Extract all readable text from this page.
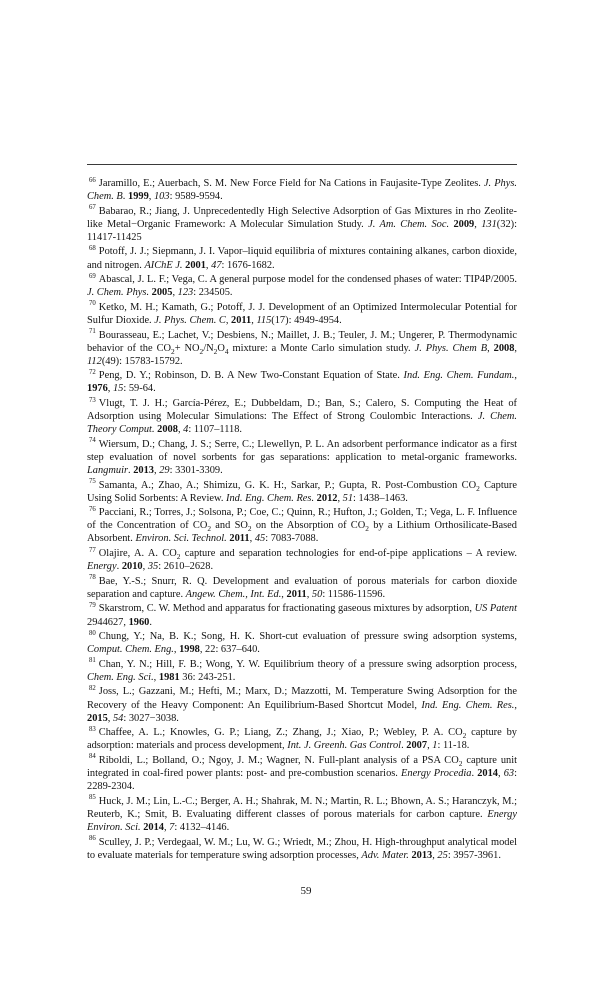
$^{66}$ Jaramillo, E.; Auerbach, S. M. New Force Field for Na Cations in Faujasite-Type Zeolites. J. Phys. Chem. B. 1999, 103: 9589-9594.

$^{67}$ Babarao, R.; Jiang, J. Unprecedentedly High Selective Adsorption of Gas Mixtures in rho Zeolite-like Metal−Organic Framework: A Molecular Simulation Study. J. Am. Chem. Soc. 2009, 131(32): 11417-11425

$^{68}$ Potoff, J. J.; Siepmann, J. I. Vapor–liquid equilibria of mixtures containing alkanes, carbon dioxide, and nitrogen. AIChE J. 2001, 47: 1676-1682.

$^{69}$ Abascal, J. L. F.; Vega, C. A general purpose model for the condensed phases of water: TIP4P/2005. J. Chem. Phys. 2005, 123: 234505.

$^{70}$ Ketko, M. H.; Kamath, G.; Potoff, J. J. Development of an Optimized Intermolecular Potential for Sulfur Dioxide. J. Phys. Chem. C, 2011, 115(17): 4949-4954.

$^{71}$ Bourasseau, E.; Lachet, V.; Desbiens, N.; Maillet, J. B.; Teuler, J. M.; Ungerer, P. Thermodynamic behavior of the $CO_2+ NO_2/N_2O_4$ mixture: a Monte Carlo simulation study. J. Phys. Chem B, 2008, 112(49): 15783-15792.

$^{72}$ Peng, D. Y.; Robinson, D. B. A New Two-Constant Equation of State. Ind. Eng. Chem. Fundam., 1976, 15: 59-64.

$^{73}$ Vlugt, T. J. H.; García-Pérez, E.; Dubbeldam, D.; Ban, S.; Calero, S. Computing the Heat of Adsorption using Molecular Simulations: The Effect of Strong Coulombic Interactions. J. Chem. Theory Comput. 2008, 4: 1107–1118.

$^{74}$ Wiersum, D.; Chang, J. S.; Serre, C.; Llewellyn, P. L. An adsorbent performance indicator as a first step evaluation of novel sorbents for gas separations: application to metal-organic frameworks. Langmuir. 2013, 29: 3301-3309.

$^{75}$ Samanta, A.; Zhao, A.; Shimizu, G. K. H:, Sarkar, P.; Gupta, R. Post-Combustion $CO_2$ Capture Using Solid Sorbents: A Review. Ind. Eng. Chem. Res. 2012, 51: 1438–1463.

$^{76}$ Pacciani, R.; Torres, J.; Solsona, P.; Coe, C.; Quinn, R.; Hufton, J.; Golden, T.; Vega, L. F. Influence of the Concentration of $CO_2$ and $SO_2$ on the Absorption of $CO_2$ by a Lithium Orthosilicate-Based Absorbent. Environ. Sci. Technol. 2011, 45: 7083-7088.

$^{77}$ Olajire, A. A. $CO_2$ capture and separation technologies for end-of-pipe applications – A review. Energy. 2010, 35: 2610–2628.

$^{78}$ Bae, Y.-S.; Snurr, R. Q. Development and evaluation of porous materials for carbon dioxide separation and capture. Angew. Chem., Int. Ed., 2011, 50: 11586-11596.

$^{79}$ Skarstrom, C. W. Method and apparatus for fractionating gaseous mixtures by adsorption, US Patent 2944627, 1960.

$^{80}$ Chung, Y.; Na, B. K.; Song, H. K. Short-cut evaluation of pressure swing adsorption systems, Comput. Chem. Eng., 1998, 22: 637–640.

$^{81}$ Chan, Y. N.; Hill, F. B.; Wong, Y. W. Equilibrium theory of a pressure swing adsorption process, Chem. Eng. Sci., 1981 36: 243-251.

$^{82}$ Joss, L.; Gazzani, M.; Hefti, M.; Marx, D.; Mazzotti, M. Temperature Swing Adsorption for the Recovery of the Heavy Component: An Equilibrium-Based Shortcut Model, Ind. Eng. Chem. Res., 2015, 54: 3027−3038.

$^{83}$ Chaffee, A. L.; Knowles, G. P.; Liang, Z.; Zhang, J.; Xiao, P.; Webley, P. A. $CO_2$ capture by adsorption: materials and process development, Int. J. Greenh. Gas Control. 2007, 1: 11-18.

$^{84}$ Riboldi, L.; Bolland, O.; Ngoy, J. M.; Wagner, N. Full-plant analysis of a PSA $CO_2$ capture unit integrated in coal-fired power plants: post- and pre-combustion scenarios. Energy Procedia. 2014, 63: 2289-2304.

$^{85}$ Huck, J. M.; Lin, L.-C.; Berger, A. H.; Shahrak, M. N.; Martin, R. L.; Bhown, A. S.; Haranczyk, M.; Reuterb, K.; Smit, B. Evaluating different classes of porous materials for carbon capture. Energy Environ. Sci. 2014, 7: 4132–4146.

$^{86}$ Sculley, J. P.; Verdegaal, W. M.; Lu, W. G.; Wriedt, M.; Zhou, H. High-throughput analytical model to evaluate materials for temperature swing adsorption processes, Adv. Mater. 2013, 25: 3957-3961.

59
